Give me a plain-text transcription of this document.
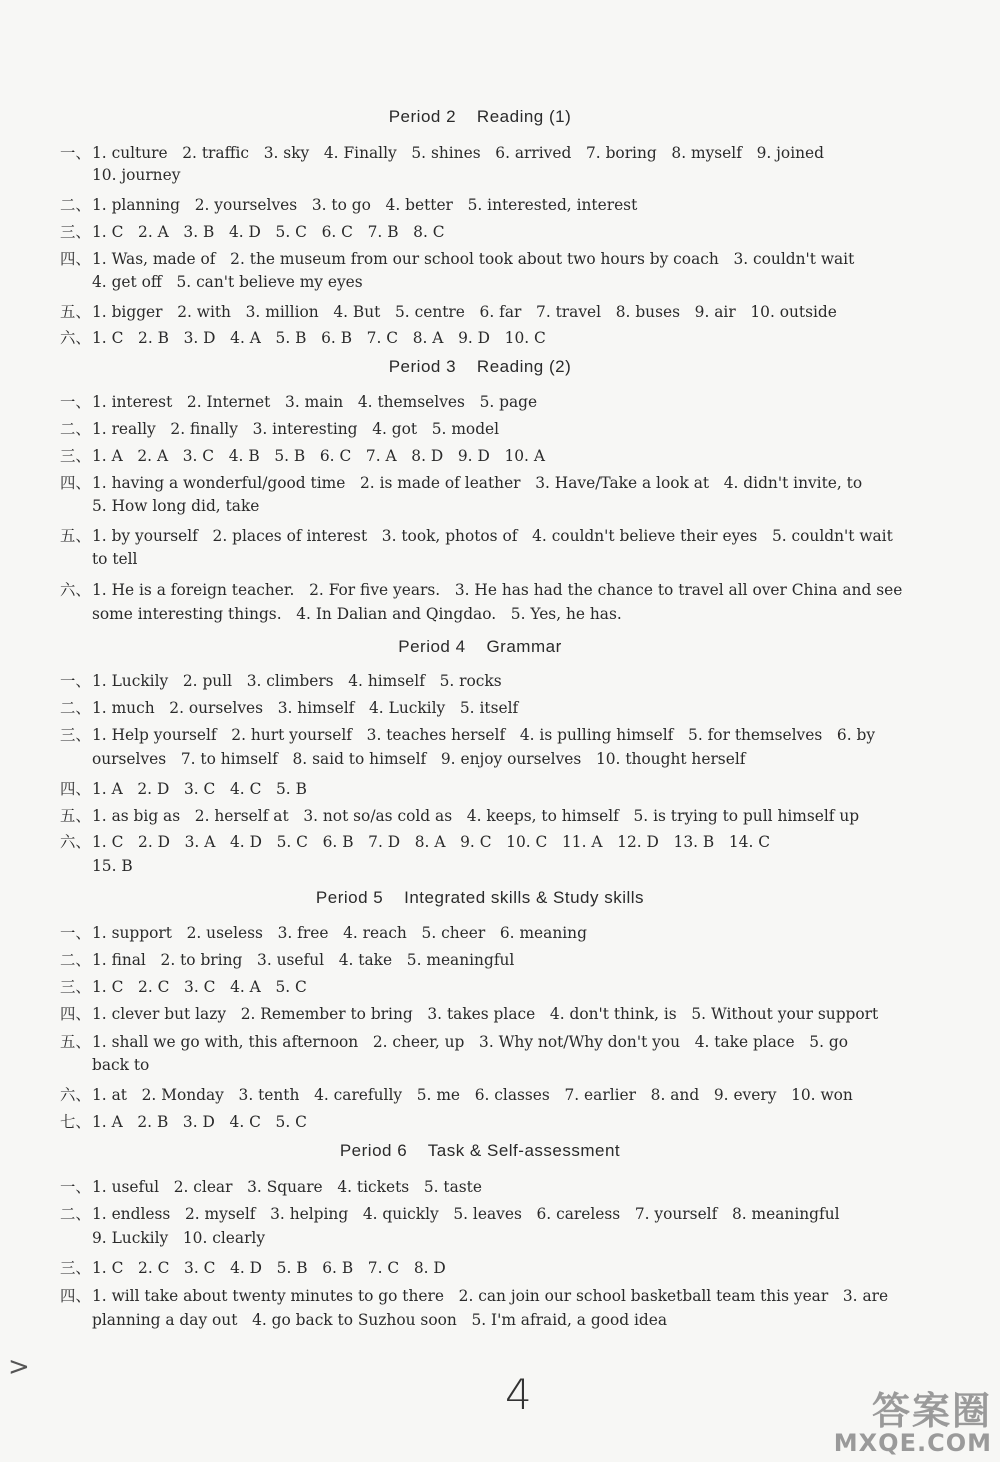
>
4	答案圈
MXQE.COM
Period 2    Reading (1)
Period 3    Reading (2)
Period 4    Grammar
Period 5    Integrated skills & Study skills
Period 6    Task & Self-assessment
一、1. culture   2. traffic   3. sky   4. Finally   5. shines   6. arrived   7. boring   8. myself   9. joined
10. journey
二、1. planning   2. yourselves   3. to go   4. better   5. interested, interest
三、1. C   2. A   3. B   4. D   5. C   6. C   7. B   8. C
四、1. Was, made of   2. the museum from our school took about two hours by coach   3. couldn't wait
4. get off   5. can't believe my eyes
五、1. bigger   2. with   3. million   4. But   5. centre   6. far   7. travel   8. buses   9. air   10. outside
六、1. C   2. B   3. D   4. A   5. B   6. B   7. C   8. A   9. D   10. C
一、1. interest   2. Internet   3. main   4. themselves   5. page
二、1. really   2. finally   3. interesting   4. got   5. model
三、1. A   2. A   3. C   4. B   5. B   6. C   7. A   8. D   9. D   10. A
四、1. having a wonderful/good time   2. is made of leather   3. Have/Take a look at   4. didn't invite, to
5. How long did, take
五、1. by yourself   2. places of interest   3. took, photos of   4. couldn't believe their eyes   5. couldn't wait
to tell
六、1. He is a foreign teacher.   2. For five years.   3. He has had the chance to travel all over China and see
some interesting things.   4. In Dalian and Qingdao.   5. Yes, he has.
一、1. Luckily   2. pull   3. climbers   4. himself   5. rocks
二、1. much   2. ourselves   3. himself   4. Luckily   5. itself
三、1. Help yourself   2. hurt yourself   3. teaches herself   4. is pulling himself   5. for themselves   6. by
ourselves   7. to himself   8. said to himself   9. enjoy ourselves   10. thought herself
四、1. A   2. D   3. C   4. C   5. B
五、1. as big as   2. herself at   3. not so/as cold as   4. keeps, to himself   5. is trying to pull himself up
六、1. C   2. D   3. A   4. D   5. C   6. B   7. D   8. A   9. C   10. C   11. A   12. D   13. B   14. C
15. B
一、1. support   2. useless   3. free   4. reach   5. cheer   6. meaning
二、1. final   2. to bring   3. useful   4. take   5. meaningful
三、1. C   2. C   3. C   4. A   5. C
四、1. clever but lazy   2. Remember to bring   3. takes place   4. don't think, is   5. Without your support
五、1. shall we go with, this afternoon   2. cheer, up   3. Why not/Why don't you   4. take place   5. go
back to
六、1. at   2. Monday   3. tenth   4. carefully   5. me   6. classes   7. earlier   8. and   9. every   10. won
七、1. A   2. B   3. D   4. C   5. C
一、1. useful   2. clear   3. Square   4. tickets   5. taste
二、1. endless   2. myself   3. helping   4. quickly   5. leaves   6. careless   7. yourself   8. meaningful
9. Luckily   10. clearly
三、1. C   2. C   3. C   4. D   5. B   6. B   7. C   8. D
四、1. will take about twenty minutes to go there   2. can join our school basketball team this year   3. are
planning a day out   4. go back to Suzhou soon   5. I'm afraid, a good idea
